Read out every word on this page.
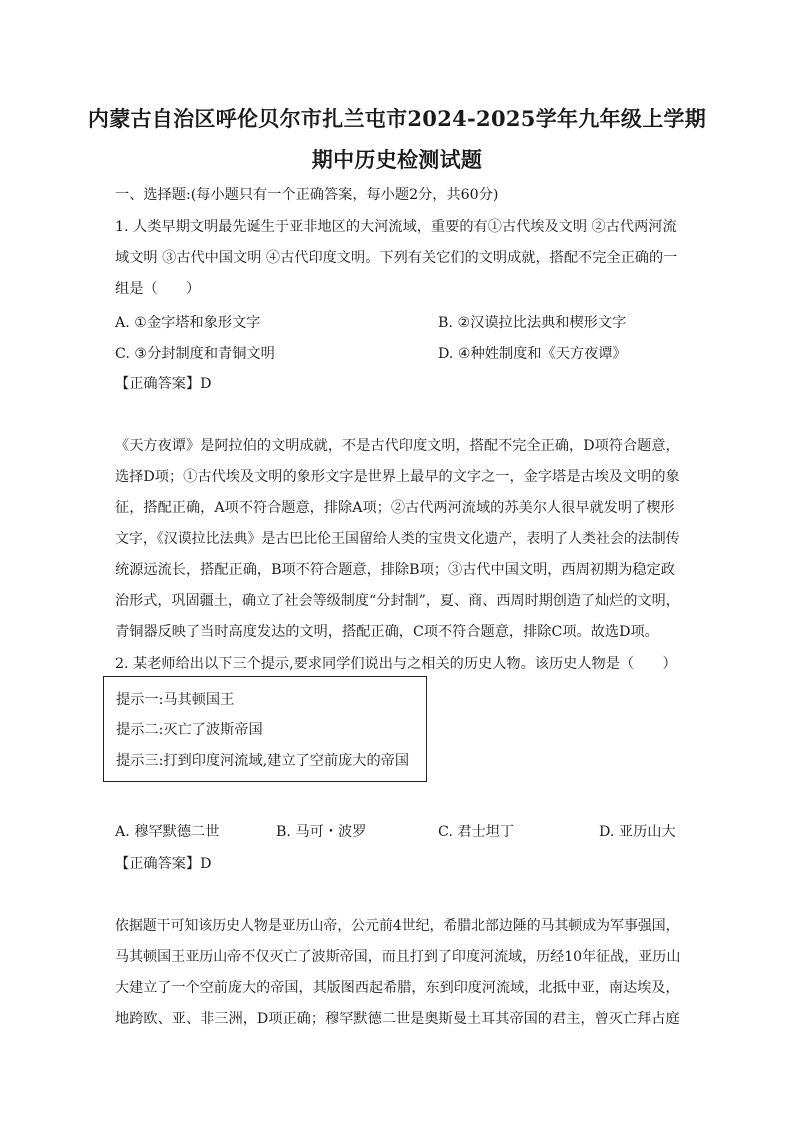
内蒙古自治区呼伦贝尔市扎兰屯市2024-2025学年九年级上学期
期中历史检测试题
一、选择题:(每小题只有一个正确答案，每小题2分，共60分)
1. 人类早期文明最先诞生于亚非地区的大河流域，重要的有①古代埃及文明 ②古代两河流
域文明 ③古代中国文明 ④古代印度文明。下列有关它们的文明成就，搭配不完全正确的一
组是（　　）
A. ①金字塔和象形文字	B. ②汉谟拉比法典和楔形文字
C. ③分封制度和青铜文明	D. ④种姓制度和《天方夜谭》
【正确答案】D
《天方夜谭》是阿拉伯的文明成就，不是古代印度文明，搭配不完全正确，D项符合题意，
选择D项；①古代埃及文明的象形文字是世界上最早的文字之一，金字塔是古埃及文明的象
征，搭配正确，A项不符合题意，排除A项；②古代两河流域的苏美尔人很早就发明了楔形
文字，《汉谟拉比法典》是古巴比伦王国留给人类的宝贵文化遗产，表明了人类社会的法制传
统源远流长，搭配正确，B项不符合题意，排除B项；③古代中国文明，西周初期为稳定政
治形式，巩固疆土，确立了社会等级制度“分封制”，夏、商、西周时期创造了灿烂的文明，
青铜器反映了当时高度发达的文明，搭配正确，C项不符合题意，排除C项。故选D项。
2. 某老师给出以下三个提示,要求同学们说出与之相关的历史人物。该历史人物是（　　）
提示一:马其顿国王
提示二:灭亡了波斯帝国
提示三:打到印度河流域,建立了空前庞大的帝国
A. 穆罕默德二世	B. 马可・波罗	C. 君士坦丁	D. 亚历山大
【正确答案】D
依据题干可知该历史人物是亚历山帝，公元前4世纪，希腊北部边陲的马其顿成为军事强国，
马其顿国王亚历山帝不仅灭亡了波斯帝国，而且打到了印度河流域，历经10年征战，亚历山
大建立了一个空前庞大的帝国，其版图西起希腊，东到印度河流域，北抵中亚，南达埃及，
地跨欧、亚、非三洲，D项正确；穆罕默德二世是奥斯曼土耳其帝国的君主，曾灭亡拜占庭
